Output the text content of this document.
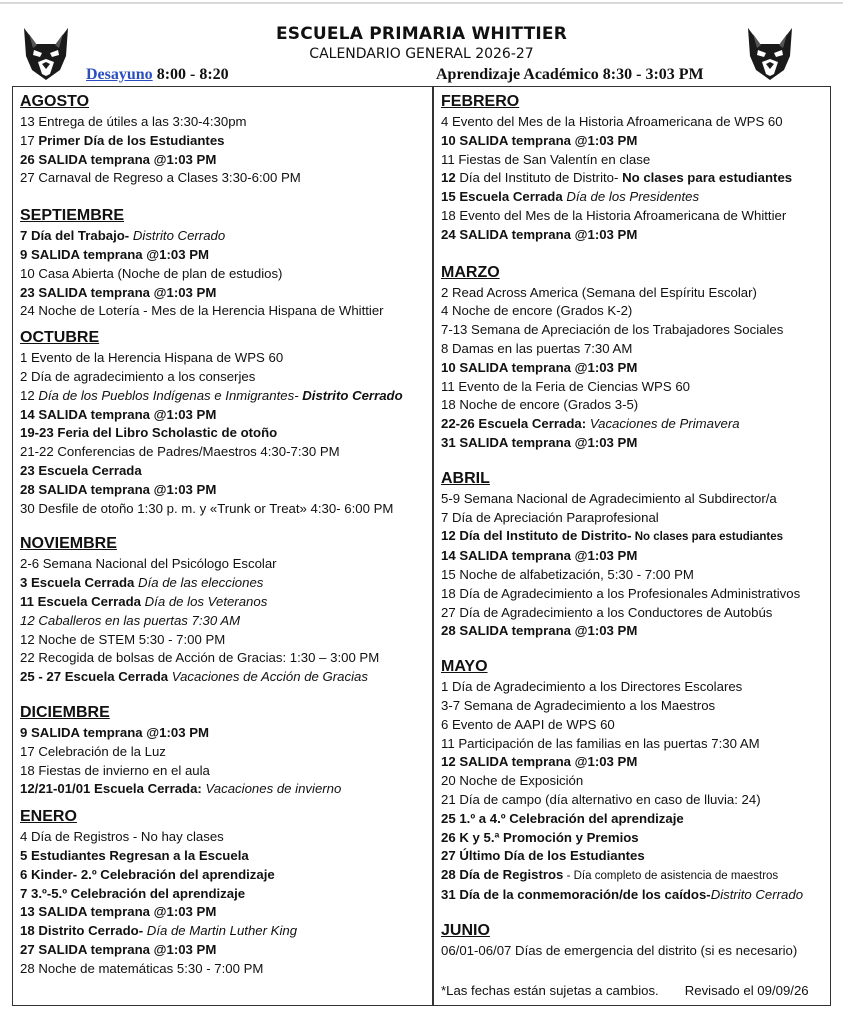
ESCUELA PRIMARIA WHITTIER
CALENDARIO GENERAL 2026-27
Desayuno 8:00 - 8:20	Aprendizaje Académico 8:30 - 3:03 PM
AGOSTO
13 Entrega de útiles a las 3:30-4:30pm
17 Primer Día de los Estudiantes
26 SALIDA temprana @1:03 PM
27 Carnaval de Regreso a Clases 3:30-6:00 PM
SEPTIEMBRE
7 Día del Trabajo- Distrito Cerrado
9 SALIDA temprana @1:03 PM
10 Casa Abierta (Noche de plan de estudios)
23 SALIDA temprana @1:03 PM
24 Noche de Lotería - Mes de la Herencia Hispana de Whittier
OCTUBRE
1 Evento de la Herencia Hispana de WPS 60
2 Día de agradecimiento a los conserjes
12 Día de los Pueblos Indígenas e Inmigrantes- Distrito Cerrado
14 SALIDA temprana @1:03 PM
19-23 Feria del Libro Scholastic de otoño
21-22 Conferencias de Padres/Maestros 4:30-7:30 PM
23 Escuela Cerrada
28 SALIDA temprana @1:03 PM
30 Desfile de otoño 1:30 p. m. y «Trunk or Treat» 4:30- 6:00 PM
NOVIEMBRE
2-6 Semana Nacional del Psicólogo Escolar
3 Escuela Cerrada Día de las elecciones
11 Escuela Cerrada Día de los Veteranos
12 Caballeros en las puertas 7:30 AM
12 Noche de STEM 5:30 - 7:00 PM
22 Recogida de bolsas de Acción de Gracias: 1:30 – 3:00 PM
25 - 27 Escuela Cerrada Vacaciones de Acción de Gracias
DICIEMBRE
9 SALIDA temprana @1:03 PM
17 Celebración de la Luz
18 Fiestas de invierno en el aula
12/21-01/01 Escuela Cerrada: Vacaciones de invierno
ENERO
4 Día de Registros - No hay clases
5 Estudiantes Regresan a la Escuela
6 Kinder- 2.º Celebración del aprendizaje
7 3.º-5.º Celebración del aprendizaje
13 SALIDA temprana @1:03 PM
18 Distrito Cerrado- Día de Martin Luther King
27 SALIDA temprana @1:03 PM
28 Noche de matemáticas 5:30 - 7:00 PM
FEBRERO
4 Evento del Mes de la Historia Afroamericana de WPS 60
10 SALIDA temprana @1:03 PM
11 Fiestas de San Valentín en clase
12 Día del Instituto de Distrito- No clases para estudiantes
15 Escuela Cerrada Día de los Presidentes
18 Evento del Mes de la Historia Afroamericana de Whittier
24 SALIDA temprana @1:03 PM
MARZO
2 Read Across America (Semana del Espíritu Escolar)
4 Noche de encore (Grados K-2)
7-13 Semana de Apreciación de los Trabajadores Sociales
8 Damas en las puertas 7:30 AM
10 SALIDA temprana @1:03 PM
11 Evento de la Feria de Ciencias WPS 60
18 Noche de encore (Grados 3-5)
22-26 Escuela Cerrada: Vacaciones de Primavera
31 SALIDA temprana @1:03 PM
ABRIL
5-9 Semana Nacional de Agradecimiento al Subdirector/a
7 Día de Apreciación Paraprofesional
12 Día del Instituto de Distrito- No clases para estudiantes
14 SALIDA temprana @1:03 PM
15 Noche de alfabetización, 5:30 - 7:00 PM
18 Día de Agradecimiento a los Profesionales Administrativos
27 Día de Agradecimiento a los Conductores de Autobús
28 SALIDA temprana @1:03 PM
MAYO
1 Día de Agradecimiento a los Directores Escolares
3-7 Semana de Agradecimiento a los Maestros
6 Evento de AAPI de WPS 60
11 Participación de las familias en las puertas 7:30 AM
12 SALIDA temprana @1:03 PM
20 Noche de Exposición
21 Día de campo (día alternativo en caso de lluvia: 24)
25 1.º a 4.º Celebración del aprendizaje
26 K y 5.ª Promoción y Premios
27 Último Día de los Estudiantes
28 Día de Registros - Día completo de asistencia de maestros
31 Día de la conmemoración/de los caídos-Distrito Cerrado
JUNIO
06/01-06/07 Días de emergencia del distrito (si es necesario)
*Las fechas están sujetas a cambios. Revisado el 09/09/26
